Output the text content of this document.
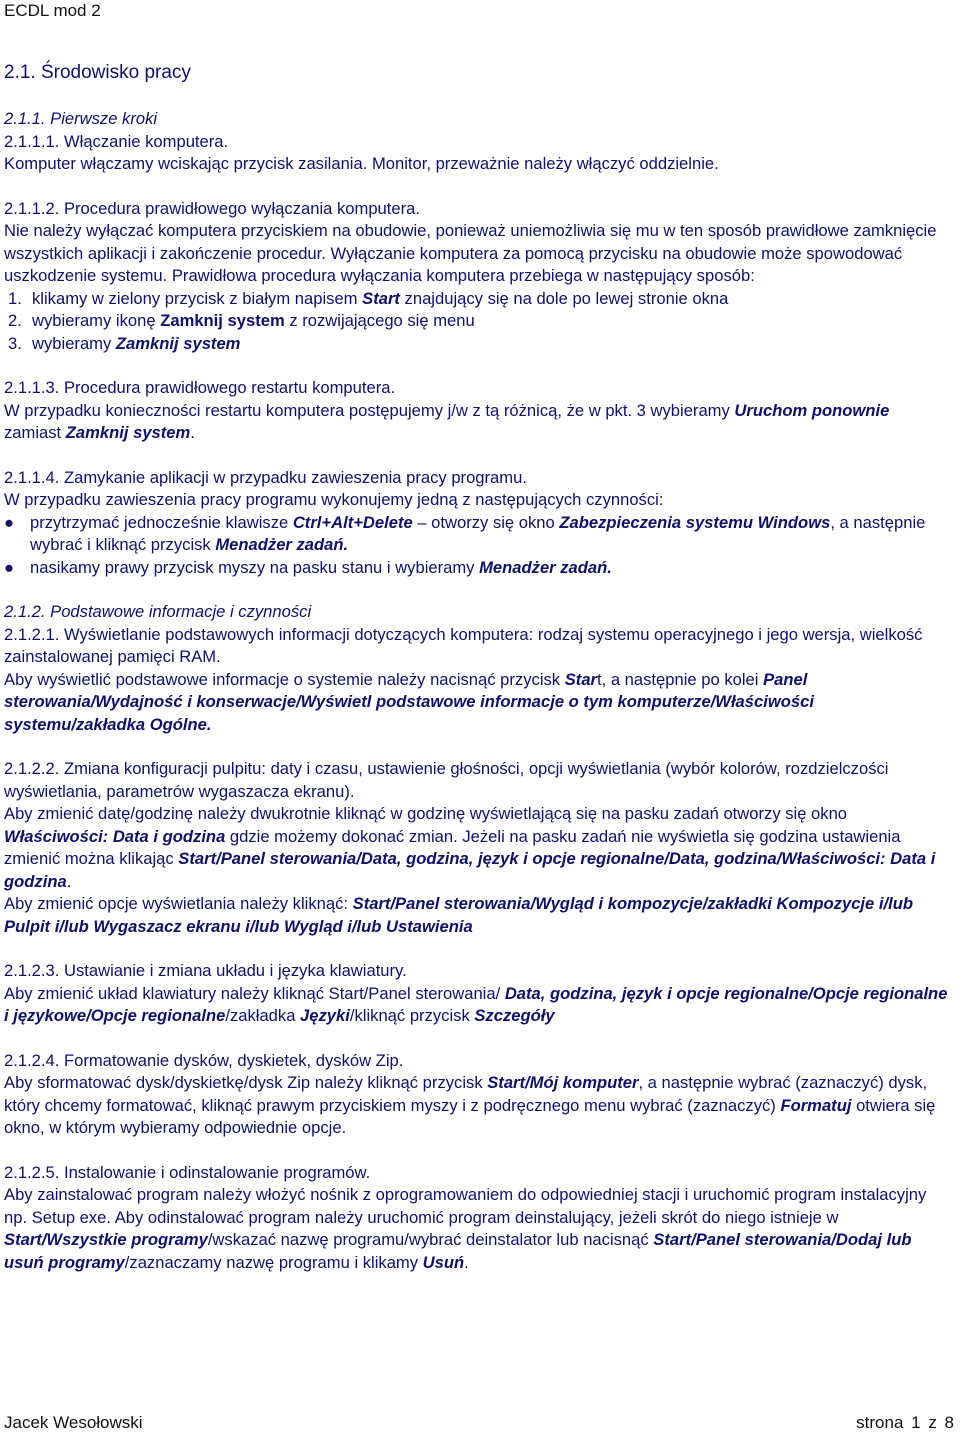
ECDL mod 2

2.1. Środowisko pracy

2.1.1. Pierwsze kroki

2.1.1.1. Włączanie komputera.

Komputer włączamy wciskając przycisk zasilania. Monitor, przeważnie należy włączyć oddzielnie.

2.1.1.2. Procedura prawidłowego wyłączania komputera.

Nie należy wyłączać komputera przyciskiem na obudowie, ponieważ uniemożliwia się mu w ten sposób prawidłowe zamknięcie wszystkich aplikacji i zakończenie procedur. Wyłączanie komputera za pomocą przycisku na obudowie może spowodować uszkodzenie systemu. Prawidłowa procedura wyłączania komputera przebiega w następujący sposób:

1. klikamy w zielony przycisk z białym napisem Start znajdujący się na dole po lewej stronie okna
2. wybieramy ikonę Zamknij system z rozwijającego się menu
3. wybieramy Zamknij system

2.1.1.3. Procedura prawidłowego restartu komputera.

W przypadku konieczności restartu komputera postępujemy j/w z tą różnicą, że w pkt. 3 wybieramy Uruchom ponownie zamiast Zamknij system.

2.1.1.4. Zamykanie aplikacji w przypadku zawieszenia pracy programu.

W przypadku zawieszenia pracy programu wykonujemy jedną z następujących czynności:

● przytrzymać jednocześnie klawisze Ctrl+Alt+Delete – otworzy się okno Zabezpieczenia systemu Windows, a następnie wybrać i kliknąć przycisk Menadżer zadań.
● nasikamy prawy przycisk myszy na pasku stanu i wybieramy Menadżer zadań.

2.1.2. Podstawowe informacje i czynności

2.1.2.1. Wyświetlanie podstawowych informacji dotyczących komputera: rodzaj systemu operacyjnego i jego wersja, wielkość zainstalowanej pamięci RAM.

Aby wyświetlić podstawowe informacje o systemie należy nacisnąć przycisk Start, a następnie po kolei Panel sterowania/Wydajność i konserwacje/Wyświetl podstawowe informacje o tym komputerze/Właściwości systemu/zakładka Ogólne.

2.1.2.2. Zmiana konfiguracji pulpitu: daty i czasu, ustawienie głośności, opcji wyświetlania (wybór kolorów, rozdzielczości wyświetlania, parametrów wygaszacza ekranu).

Aby zmienić datę/godzinę należy dwukrotnie kliknąć w godzinę wyświetlającą się na pasku zadań otworzy się okno Właściwości: Data i godzina gdzie możemy dokonać zmian. Jeżeli na pasku zadań nie wyświetla się godzina ustawienia zmienić można klikając Start/Panel sterowania/Data, godzina, język i opcje regionalne/Data, godzina/Właściwości: Data i godzina.

Aby zmienić opcje wyświetlania należy kliknąć: Start/Panel sterowania/Wygląd i kompozycje/zakładki Kompozycje i/lub Pulpit i/lub Wygaszacz ekranu i/lub Wygląd i/lub Ustawienia

2.1.2.3. Ustawianie i zmiana układu i języka klawiatury.

Aby zmienić układ klawiatury należy kliknąć Start/Panel sterowania/ Data, godzina, język i opcje regionalne/Opcje regionalne i językowe/Opcje regionalne/zakładka Języki/kliknąć przycisk Szczegóły

2.1.2.4. Formatowanie dysków, dyskietek, dysków Zip.

Aby sformatować dysk/dyskietkę/dysk Zip należy kliknąć przycisk Start/Mój komputer, a następnie wybrać (zaznaczyć) dysk, który chcemy formatować, kliknąć prawym przyciskiem myszy i z podręcznego menu wybrać (zaznaczyć) Formatuj otwiera się okno, w którym wybieramy odpowiednie opcje.

2.1.2.5. Instalowanie i odinstalowanie programów.

Aby zainstalować program należy włożyć nośnik z oprogramowaniem do odpowiedniej stacji i uruchomić program instalacyjny np. Setup exe. Aby odinstalować program należy uruchomić program deinstalujący, jeżeli skrót do niego istnieje w Start/Wszystkie programy/wskazać nazwę programu/wybrać deinstalator lub nacisnąć Start/Panel sterowania/Dodaj lub usuń programy/zaznaczamy nazwę programu i klikamy Usuń.

Jacek Wesołowski	strona 1 z 8
